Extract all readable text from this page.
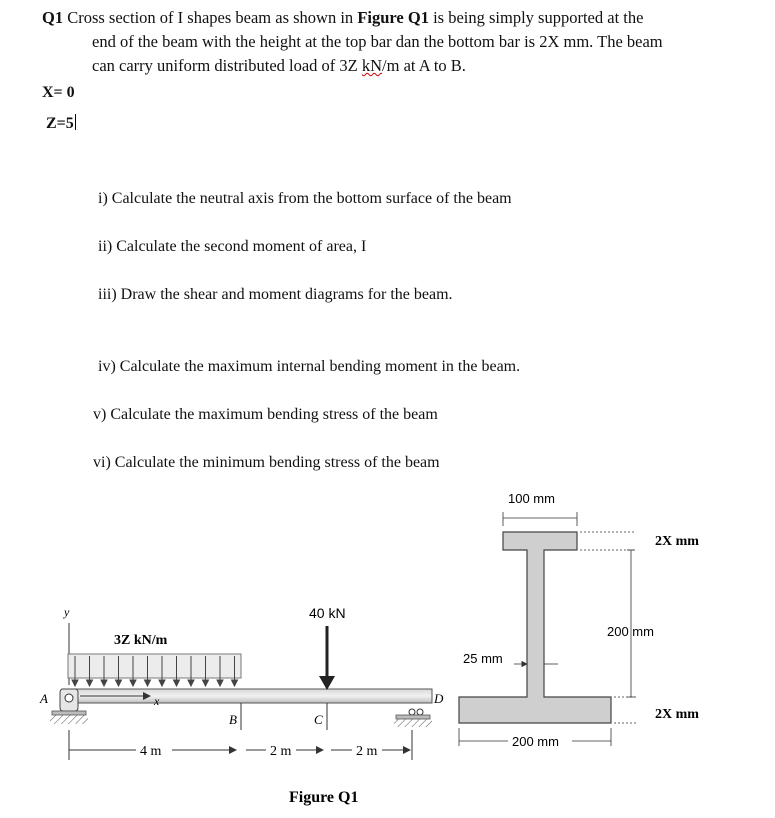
Q1 Cross section of I shapes beam as shown in Figure Q1 is being simply supported at the
end of the beam with the height at the top bar dan the bottom bar is 2X mm. The beam
can carry uniform distributed load of 3Z kN/m at A to B.
X= 0
Z=5
i) Calculate the neutral axis from the bottom surface of the beam
ii) Calculate the second moment of area, I
iii) Draw the shear and moment diagrams for the beam.
iv) Calculate the maximum internal bending moment in the beam.
v) Calculate the maximum bending stress of the beam
vi) Calculate the minimum bending stress of the beam
y
3Z kN/m
x
A	D
40 kN
B	C
4 m	2 m	2 m
100 mm
2X mm
200 mm
2X mm
25 mm
200 mm
Figure Q1
